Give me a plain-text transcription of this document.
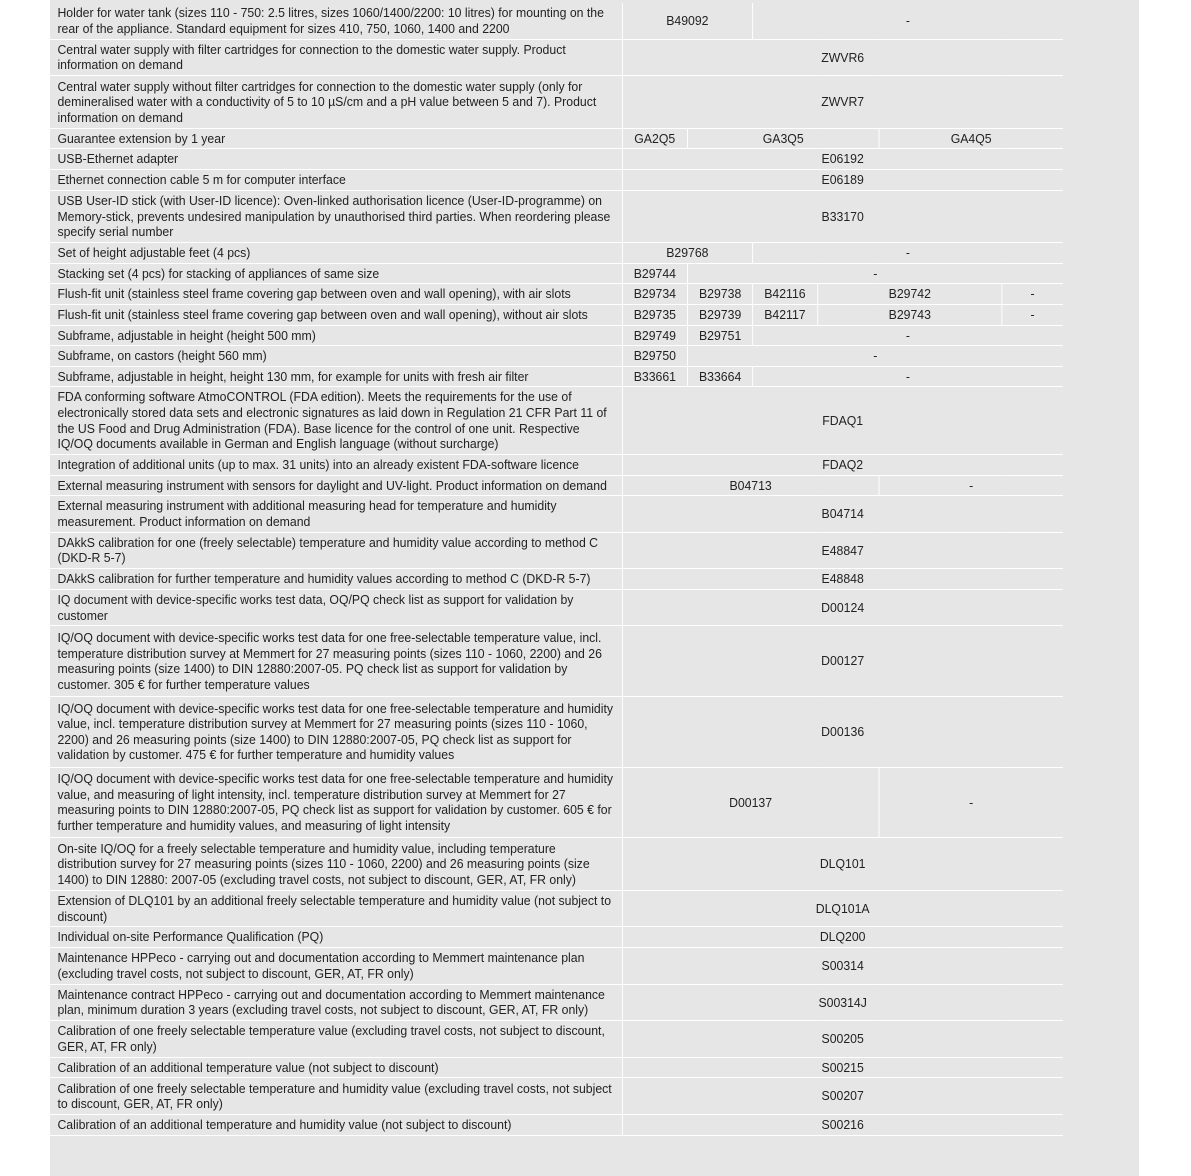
Holder for water tank (sizes 110 - 750: 2.5 litres, sizes 1060/1400/2200: 10 litres) for mounting on the rear of the appliance. Standard equipment for sizes 410, 750, 1060, 1400 and 2200	B49092		-			
Central water supply with filter cartridges for connection to the domestic water supply. Product information on demand	ZWVR6					
Central water supply without filter cartridges for connection to the domestic water supply (only for demineralised water with a conductivity of 5 to 10 µS/cm and a pH value between 5 and 7). Product information on demand	ZWVR7					
Guarantee extension by 1 year	GA2Q5	GA3Q5			GA4Q5	
USB-Ethernet adapter	E06192					
Ethernet connection cable 5 m for computer interface	E06189					
USB User-ID stick (with User-ID licence): Oven-linked authorisation licence (User-ID-programme) on Memory-stick, prevents undesired manipulation by unauthorised third parties. When reordering please specify serial number	B33170					
Set of height adjustable feet (4 pcs)	B29768		-			
Stacking set (4 pcs) for stacking of appliances of same size	B29744	-				
Flush-fit unit (stainless steel frame covering gap between oven and wall opening), with air slots	B29734	B29738	B42116	B29742		-
Flush-fit unit (stainless steel frame covering gap between oven and wall opening), without air slots	B29735	B29739	B42117	B29743		-
Subframe, adjustable in height (height 500 mm)	B29749	B29751	-			
Subframe, on castors (height 560 mm)	B29750	-				
Subframe, adjustable in height, height 130 mm, for example for units with fresh air filter	B33661	B33664	-			
FDA conforming software AtmoCONTROL (FDA edition). Meets the requirements for the use of electronically stored data sets and electronic signatures as laid down in Regulation 21 CFR Part 11 of the US Food and Drug Administration (FDA). Base licence for the control of one unit. Respective IQ/OQ documents available in German and English language (without surcharge)	FDAQ1					
Integration of additional units (up to max. 31 units) into an already existent FDA-software licence	FDAQ2					
External measuring instrument with sensors for daylight and UV-light. Product information on demand	B04713				-	
External measuring instrument with additional measuring head for temperature and humidity measurement. Product information on demand	B04714					
DAkkS calibration for one (freely selectable) temperature and humidity value according to method C (DKD-R 5-7)	E48847					
DAkkS calibration for further temperature and humidity values according to method C (DKD-R 5-7)	E48848					
IQ document with device-specific works test data, OQ/PQ check list as support for validation by customer	D00124					
IQ/OQ document with device-specific works test data for one free-selectable temperature value, incl. temperature distribution survey at Memmert for 27 measuring points (sizes 110 - 1060, 2200) and 26 measuring points (size 1400) to DIN 12880:2007-05. PQ check list as support for validation by customer. 305 € for further temperature values	D00127					
IQ/OQ document with device-specific works test data for one free-selectable temperature and humidity value, incl. temperature distribution survey at Memmert for 27 measuring points (sizes 110 - 1060, 2200) and 26 measuring points (size 1400) to DIN 12880:2007-05, PQ check list as support for validation by customer. 475 € for further temperature and humidity values	D00136					
IQ/OQ document with device-specific works test data for one free-selectable temperature and humidity value, and measuring of light intensity, incl. temperature distribution survey at Memmert for 27 measuring points to DIN 12880:2007-05, PQ check list as support for validation by customer. 605 € for further temperature and humidity values, and measuring of light intensity	D00137				-	
On-site IQ/OQ for a freely selectable temperature and humidity value, including temperature distribution survey for 27 measuring points (sizes 110 - 1060, 2200) and 26 measuring points (size 1400) to DIN 12880: 2007-05 (excluding travel costs, not subject to discount, GER, AT, FR only)	DLQ101					
Extension of DLQ101 by an additional freely selectable temperature and humidity value (not subject to discount)	DLQ101A					
Individual on-site Performance Qualification (PQ)	DLQ200					
Maintenance HPPeco - carrying out and documentation according to Memmert maintenance plan (excluding travel costs, not subject to discount, GER, AT, FR only)	S00314					
Maintenance contract HPPeco - carrying out and documentation according to Memmert maintenance plan, minimum duration 3 years (excluding travel costs, not subject to discount, GER, AT, FR only)	S00314J					
Calibration of one freely selectable temperature value (excluding travel costs, not subject to discount, GER, AT, FR only)	S00205					
Calibration of an additional temperature value (not subject to discount)	S00215					
Calibration of one freely selectable temperature and humidity value (excluding travel costs, not subject to discount, GER, AT, FR only)	S00207					
Calibration of an additional temperature and humidity value (not subject to discount)	S00216					
